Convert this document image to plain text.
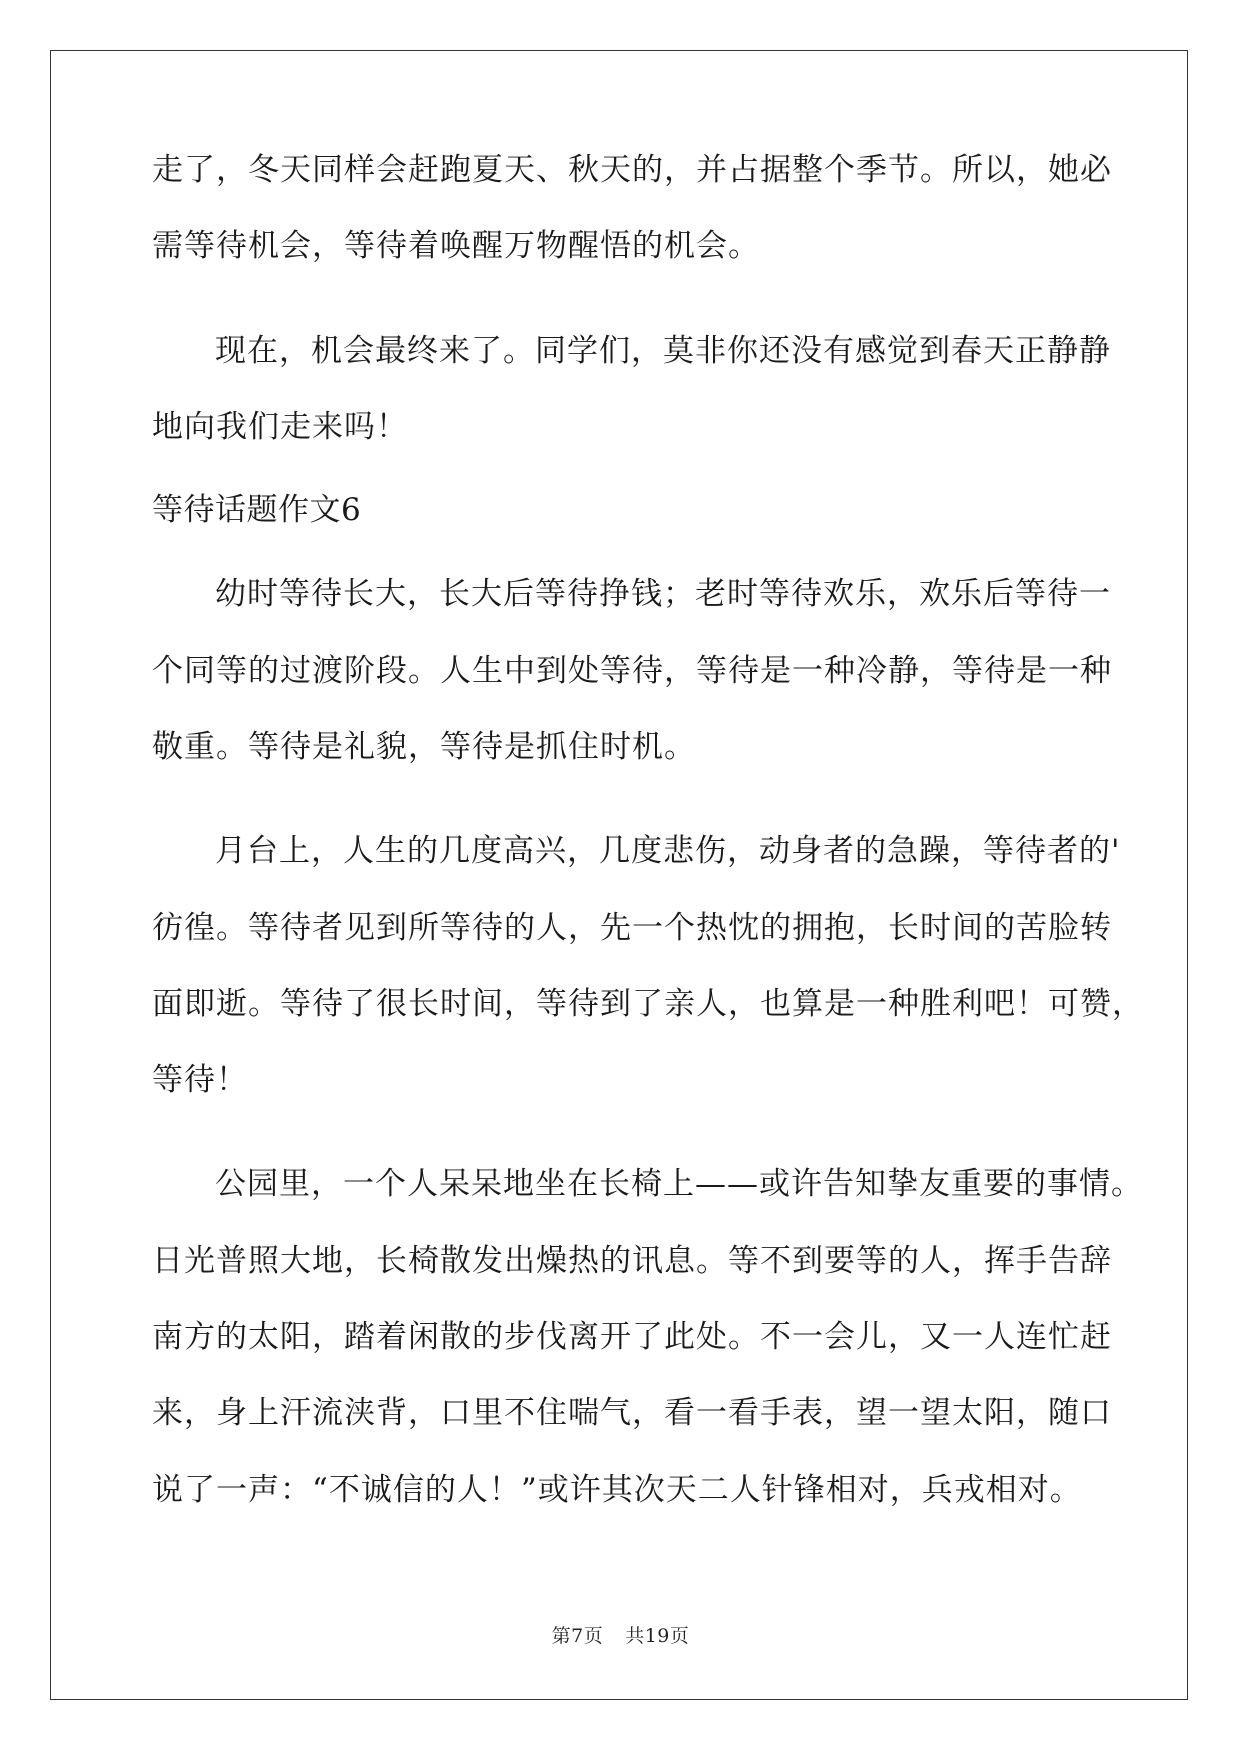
走了，冬天同样会赶跑夏天、秋天的，并占据整个季节。所以，她必
需等待机会，等待着唤醒万物醒悟的机会。
现在，机会最终来了。同学们，莫非你还没有感觉到春天正静静
地向我们走来吗！
等待话题作文6
幼时等待长大，长大后等待挣钱；老时等待欢乐，欢乐后等待一
个同等的过渡阶段。人生中到处等待，等待是一种冷静，等待是一种
敬重。等待是礼貌，等待是抓住时机。
月台上，人生的几度高兴，几度悲伤，动身者的急躁，等待者的'
彷徨。等待者见到所等待的人，先一个热忱的拥抱，长时间的苦脸转
面即逝。等待了很长时间，等待到了亲人，也算是一种胜利吧！可赞，
等待！
公园里，一个人呆呆地坐在长椅上——或许告知挚友重要的事情。
日光普照大地，长椅散发出燥热的讯息。等不到要等的人，挥手告辞
南方的太阳，踏着闲散的步伐离开了此处。不一会儿，又一人连忙赶
来，身上汗流浃背，口里不住喘气，看一看手表，望一望太阳，随口
说了一声：“不诚信的人！”或许其次天二人针锋相对，兵戎相对。
第7页 共19页
